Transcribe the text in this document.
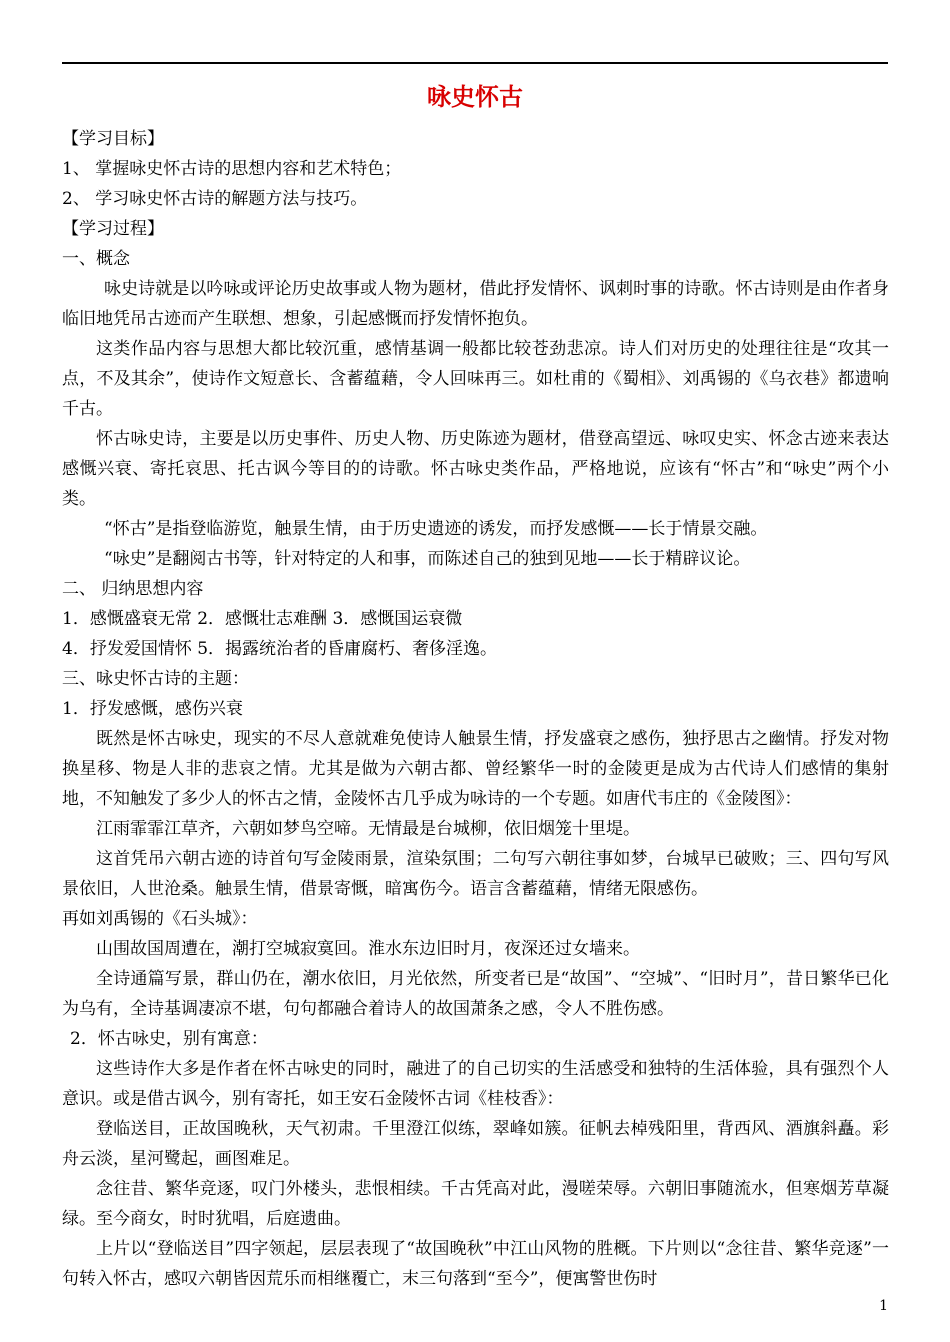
咏史怀古

【学习目标】

1、 掌握咏史怀古诗的思想内容和艺术特色；

2、 学习咏史怀古诗的解题方法与技巧。

【学习过程】

一、概念

咏史诗就是以吟咏或评论历史故事或人物为题材，借此抒发情怀、讽刺时事的诗歌。怀古诗则是由作者身临旧地凭吊古迹而产生联想、想象，引起感慨而抒发情怀抱负。

这类作品内容与思想大都比较沉重，感情基调一般都比较苍劲悲凉。诗人们对历史的处理往往是“攻其一点，不及其余”，使诗作文短意长、含蓄蕴藉，令人回味再三。如杜甫的《蜀相》、刘禹锡的《乌衣巷》都遗响千古。

怀古咏史诗，主要是以历史事件、历史人物、历史陈迹为题材，借登高望远、咏叹史实、怀念古迹来表达感慨兴衰、寄托哀思、托古讽今等目的的诗歌。怀古咏史类作品，严格地说，应该有“怀古”和“咏史”两个小类。

“怀古”是指登临游览，触景生情，由于历史遗迹的诱发，而抒发感慨——长于情景交融。

“咏史”是翻阅古书等，针对特定的人和事，而陈述自己的独到见地——长于精辟议论。

二、 归纳思想内容

1．感慨盛衰无常 2．感慨壮志难酬 3．感慨国运衰微

4．抒发爱国情怀 5．揭露统治者的昏庸腐朽、奢侈淫逸。

三、咏史怀古诗的主题：

1．抒发感慨，感伤兴衰

既然是怀古咏史，现实的不尽人意就难免使诗人触景生情，抒发盛衰之感伤，独抒思古之幽情。抒发对物换星移、物是人非的悲哀之情。尤其是做为六朝古都、曾经繁华一时的金陵更是成为古代诗人们感情的集射地，不知触发了多少人的怀古之情，金陵怀古几乎成为咏诗的一个专题。如唐代韦庄的《金陵图》：

江雨霏霏江草齐，六朝如梦鸟空啼。无情最是台城柳，依旧烟笼十里堤。

这首凭吊六朝古迹的诗首句写金陵雨景，渲染氛围；二句写六朝往事如梦，台城早已破败；三、四句写风景依旧，人世沧桑。触景生情，借景寄慨，暗寓伤今。语言含蓄蕴藉，情绪无限感伤。

再如刘禹锡的《石头城》：

山围故国周遭在，潮打空城寂寞回。淮水东边旧时月，夜深还过女墙来。

全诗通篇写景，群山仍在，潮水依旧，月光依然，所变者已是“故国”、“空城”、“旧时月”，昔日繁华已化为乌有，全诗基调凄凉不堪，句句都融合着诗人的故国萧条之感，令人不胜伤感。

2．怀古咏史，别有寓意：

这些诗作大多是作者在怀古咏史的同时，融进了的自己切实的生活感受和独特的生活体验，具有强烈个人意识。或是借古讽今，别有寄托，如王安石金陵怀古词《桂枝香》：

登临送目，正故国晚秋，天气初肃。千里澄江似练，翠峰如簇。征帆去棹残阳里，背西风、酒旗斜矗。彩舟云淡，星河鹭起，画图难足。

念往昔、繁华竞逐，叹门外楼头，悲恨相续。千古凭高对此，漫嗟荣辱。六朝旧事随流水，但寒烟芳草凝绿。至今商女，时时犹唱，后庭遗曲。

上片以“登临送目”四字领起，层层表现了“故国晚秋”中江山风物的胜概。下片则以“念往昔、繁华竞逐”一句转入怀古，感叹六朝皆因荒乐而相继覆亡，末三句落到“至今”，便寓警世伤时

1
